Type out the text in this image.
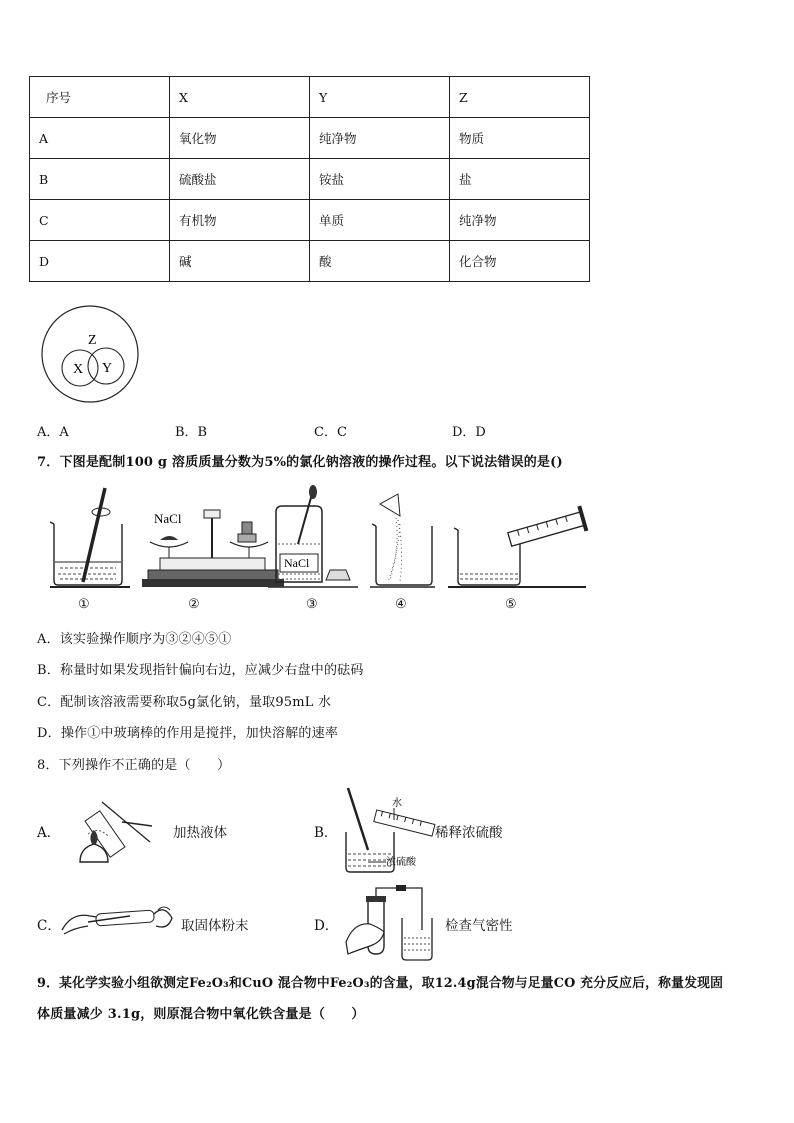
序号	X	Y	Z
A	氧化物	纯净物	物质
B	硫酸盐	铵盐	盐
C	有机物	单质	纯净物
D	碱	酸	化合物
Z
X Y
A．A	B．B	C．C	D．D
7．下图是配制100 g 溶质质量分数为5%的氯化钠溶液的操作过程。以下说法错误的是()
NaCl
NaCl
①	②	③	④	⑤
A．该实验操作顺序为③②④⑤①
B．称量时如果发现指针偏向右边，应减少右盘中的砝码
C．配制该溶液需要称取5g氯化钠，量取95mL 水
D．操作①中玻璃棒的作用是搅拌，加快溶解的速率
8．下列操作不正确的是（　　）
A．	加热液体	B．
水
浓硫酸
稀释浓硫酸
C．	取固体粉末	D．	检查气密性
9．某化学实验小组欲测定Fe₂O₃和CuO 混合物中Fe₂O₃的含量，取12.4g混合物与足量CO 充分反应后，称量发现固
体质量减少 3.1g，则原混合物中氧化铁含量是（　　）
